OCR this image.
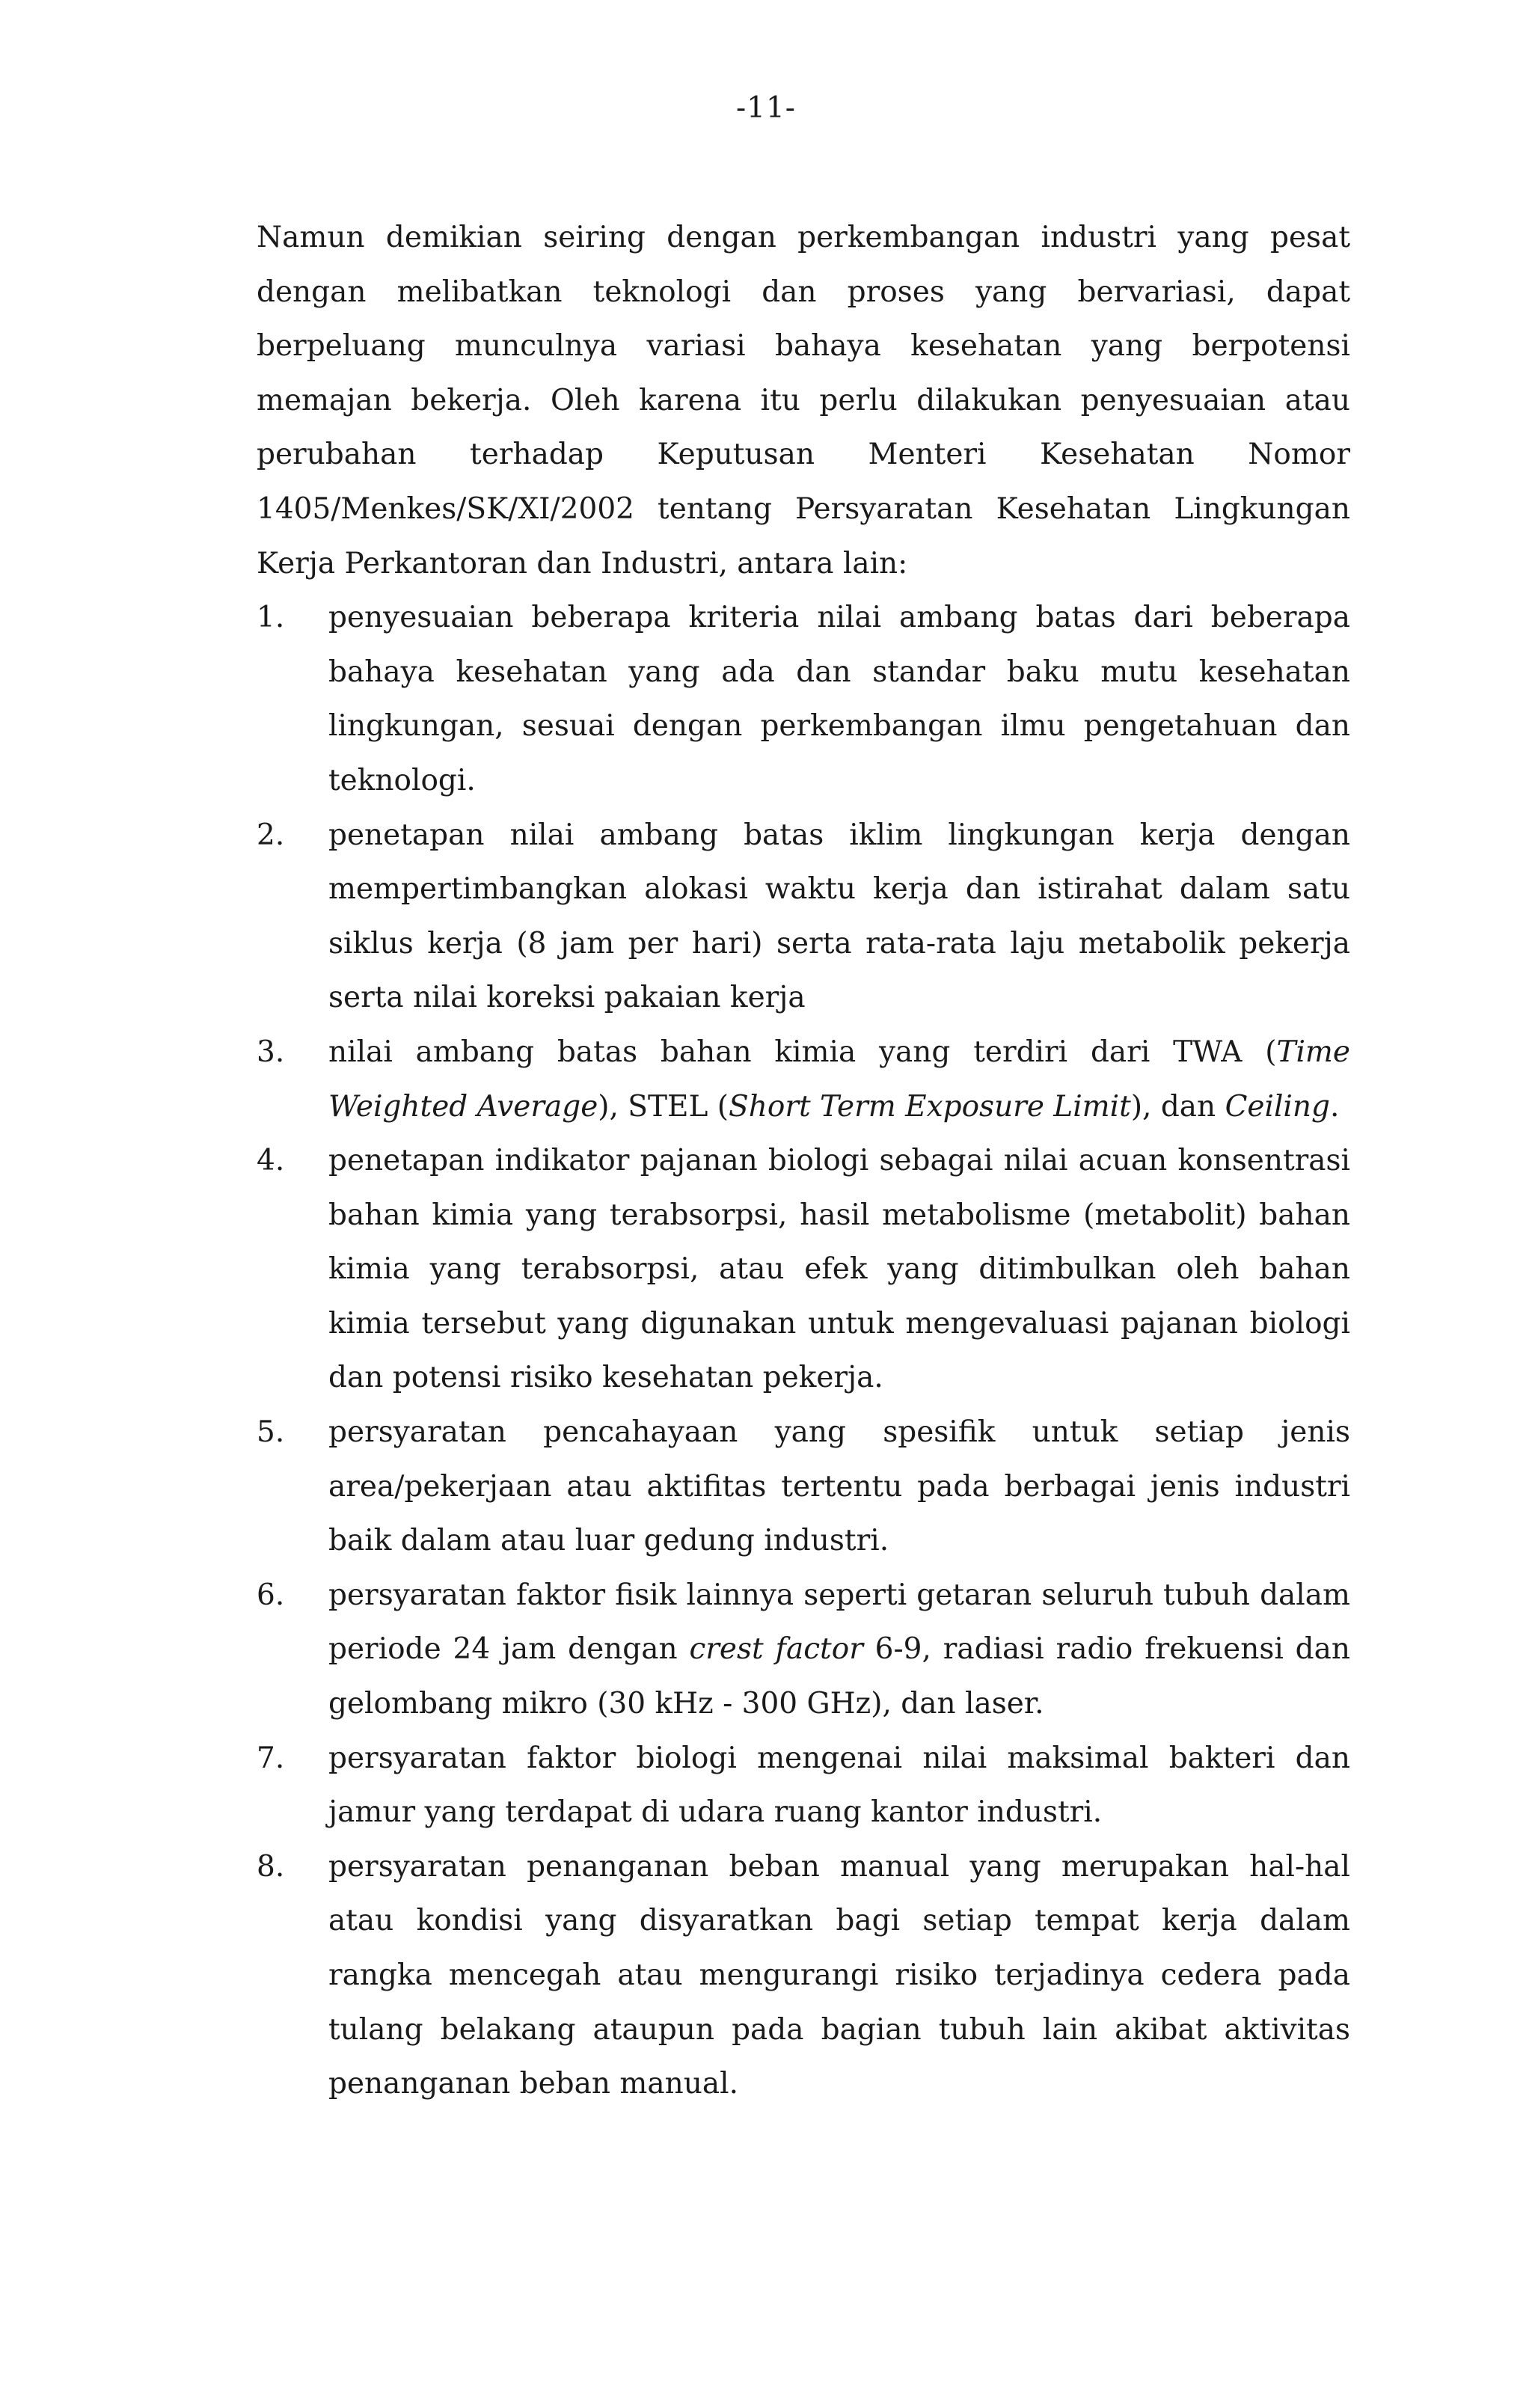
-11-

Namun demikian seiring dengan perkembangan industri yang pesat dengan melibatkan teknologi dan proses yang bervariasi, dapat berpeluang munculnya variasi bahaya kesehatan yang berpotensi memajan bekerja. Oleh karena itu perlu dilakukan penyesuaian atau perubahan terhadap Keputusan Menteri Kesehatan Nomor 1405/Menkes/SK/XI/2002 tentang Persyaratan Kesehatan Lingkungan Kerja Perkantoran dan Industri, antara lain:

1. penyesuaian beberapa kriteria nilai ambang batas dari beberapa bahaya kesehatan yang ada dan standar baku mutu kesehatan lingkungan, sesuai dengan perkembangan ilmu pengetahuan dan teknologi.
2. penetapan nilai ambang batas iklim lingkungan kerja dengan mempertimbangkan alokasi waktu kerja dan istirahat dalam satu siklus kerja (8 jam per hari) serta rata-rata laju metabolik pekerja serta nilai koreksi pakaian kerja
3. nilai ambang batas bahan kimia yang terdiri dari TWA (Time Weighted Average), STEL (Short Term Exposure Limit), dan Ceiling.
4. penetapan indikator pajanan biologi sebagai nilai acuan konsentrasi bahan kimia yang terabsorpsi, hasil metabolisme (metabolit) bahan kimia yang terabsorpsi, atau efek yang ditimbulkan oleh bahan kimia tersebut yang digunakan untuk mengevaluasi pajanan biologi dan potensi risiko kesehatan pekerja.
5. persyaratan pencahayaan yang spesifik untuk setiap jenis area/pekerjaan atau aktifitas tertentu pada berbagai jenis industri baik dalam atau luar gedung industri.
6. persyaratan faktor fisik lainnya seperti getaran seluruh tubuh dalam periode 24 jam dengan crest factor 6-9, radiasi radio frekuensi dan gelombang mikro (30 kHz - 300 GHz), dan laser.
7. persyaratan faktor biologi mengenai nilai maksimal bakteri dan jamur yang terdapat di udara ruang kantor industri.
8. persyaratan penanganan beban manual yang merupakan hal-hal atau kondisi yang disyaratkan bagi setiap tempat kerja dalam rangka mencegah atau mengurangi risiko terjadinya cedera pada tulang belakang ataupun pada bagian tubuh lain akibat aktivitas penanganan beban manual.
